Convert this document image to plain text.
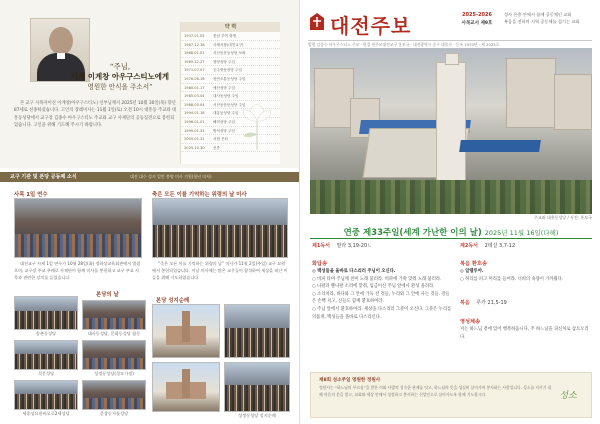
“주님,
사제 이계창 아우구스티노에게
영원한 안식을 주소서”
본 교구 사목자이신 이계창(아우구스티노) 신부님께서 2025년 10월 30일(목) 향년 87세로 선종하셨습니다. 고인의 장례미사는 11월 1일(토) 오전 10시 대흥동 주교좌 대흥동성당에서 교구장 김종수 아우구스티노 주교와 교구 사제단의 공동집전으로 봉헌되었습니다. 고인을 위해 기도해 주시기 바랍니다.
약 력
1937.01.05	충남 부여 출생
1967.12.16	사제서품(대전교구)
1968.01.01	서산동문동성당 보좌
1969.12.27	청양성당 주임
1971.07.07	공주중동성당 주임
1976.06.18	천안오룡동성당 주임
1980.01.17	예산성당 주임
1985.03.04	대사동성당 주임
1988.03.04	서산동문동성당 주임
1994.01.18	대흥동성당 주임
1996.01.01	해미성당 주임
1999.01.31	합덕성당 주임
2005.01.31	서원 은퇴
2025.10.30	선종
교구 기관 및 본당 공동체 소식	대전 대수 성지 일번 봉양 미사 기원(청년 미사)
사목 1일 연수
대전교구 사제 1일 연수가 10월 28일(화) 정하상교육회관에서 열렸으며, 교구장 주교 주례로 사제단이 함께 미사를 봉헌하고 교구 주요 사목과 관련한 강의를 들었습니다.
축은 모든 이를 기억하는 위령의 날 미사
“죽은 모든 이를 기억하는 위령의 날” 미사가 11월 2일(주일) 교구 묘원에서 봉헌되었습니다. 이날 미사에는 많은 교우들이 참석하여 세상을 떠난 이들을 위해 기도하였습니다.
본당의 날
본당 성지순례
송촌동성당	대사동성당, 문화동성당 합동
석문성당	성정동성당(성모가정)
세종성요한바오로2세성당	문창동가톨성당	성정동성당 성지순례
대전주보	2025-2026
사목교서 제9호
성사 은총 안에서 함께 공동체인 교회
복음을 전하며 지역 공동체를 섬기는 교회
발행 김종수 아우구스티노 주교 · 편집 천주교대전교구 홍보국 · 대전광역시 중구 대종로 · 등록 1970년 · 제 2025호
주교좌 대흥동성당 / 사진: 홍보국
연중 제33주일(세계 가난한 이의 날) 2025년 11월 16일(다해)
제1독서 말라 3,19-20ㄴ	제2독서 2테살 3,7-12
화답송
◎ 백성들을 올바로 다스리러 주님이 오신다.
○ 비파 타며 주님께 찬미 노래 불러라. 비파에 가락 맞춰 노래 불러라.
○ 나팔과 뿔나팔 소리에 맞춰, 임금이신 주님 앞에서 환성 올려라.
○ 소리쳐라, 바다와 그 안에 가득 찬 것들, 누리와 그 안에 사는 것들. 강들은 손뼉 치고, 산들도 함께 환호하여라.
○ 주님 앞에서 환호하여라. 세상을 다스리러 그분이 오신다. 그분은 누리를 의롭게, 백성들을 올바로 다스리신다.
복음 환호송
◎ 알렐루야.
○ 허리를 펴고 머리를 들어라. 너희의 속량이 가까웠다.
복음 루카 21,5-19
영성체송
저는 하느님 곁에 있어 행복하옵니다. 주 하느님을 피신처로 삼으오리다.
제8회 성소주일 영원한 정원사
정원사는 “하느님의 부르심”을 받은 이와 사랑의 성숙한 관계를 잇고, 하느님의 뜻을 성실히 살아가며 봉사하는 사람입니다. 성소를 지키기 위해 마음의 문을 열고, 교회와 세상 안에서 성장하고 봉사하는 신앙인으로 살아가도록 함께 기도합시다.	성소
